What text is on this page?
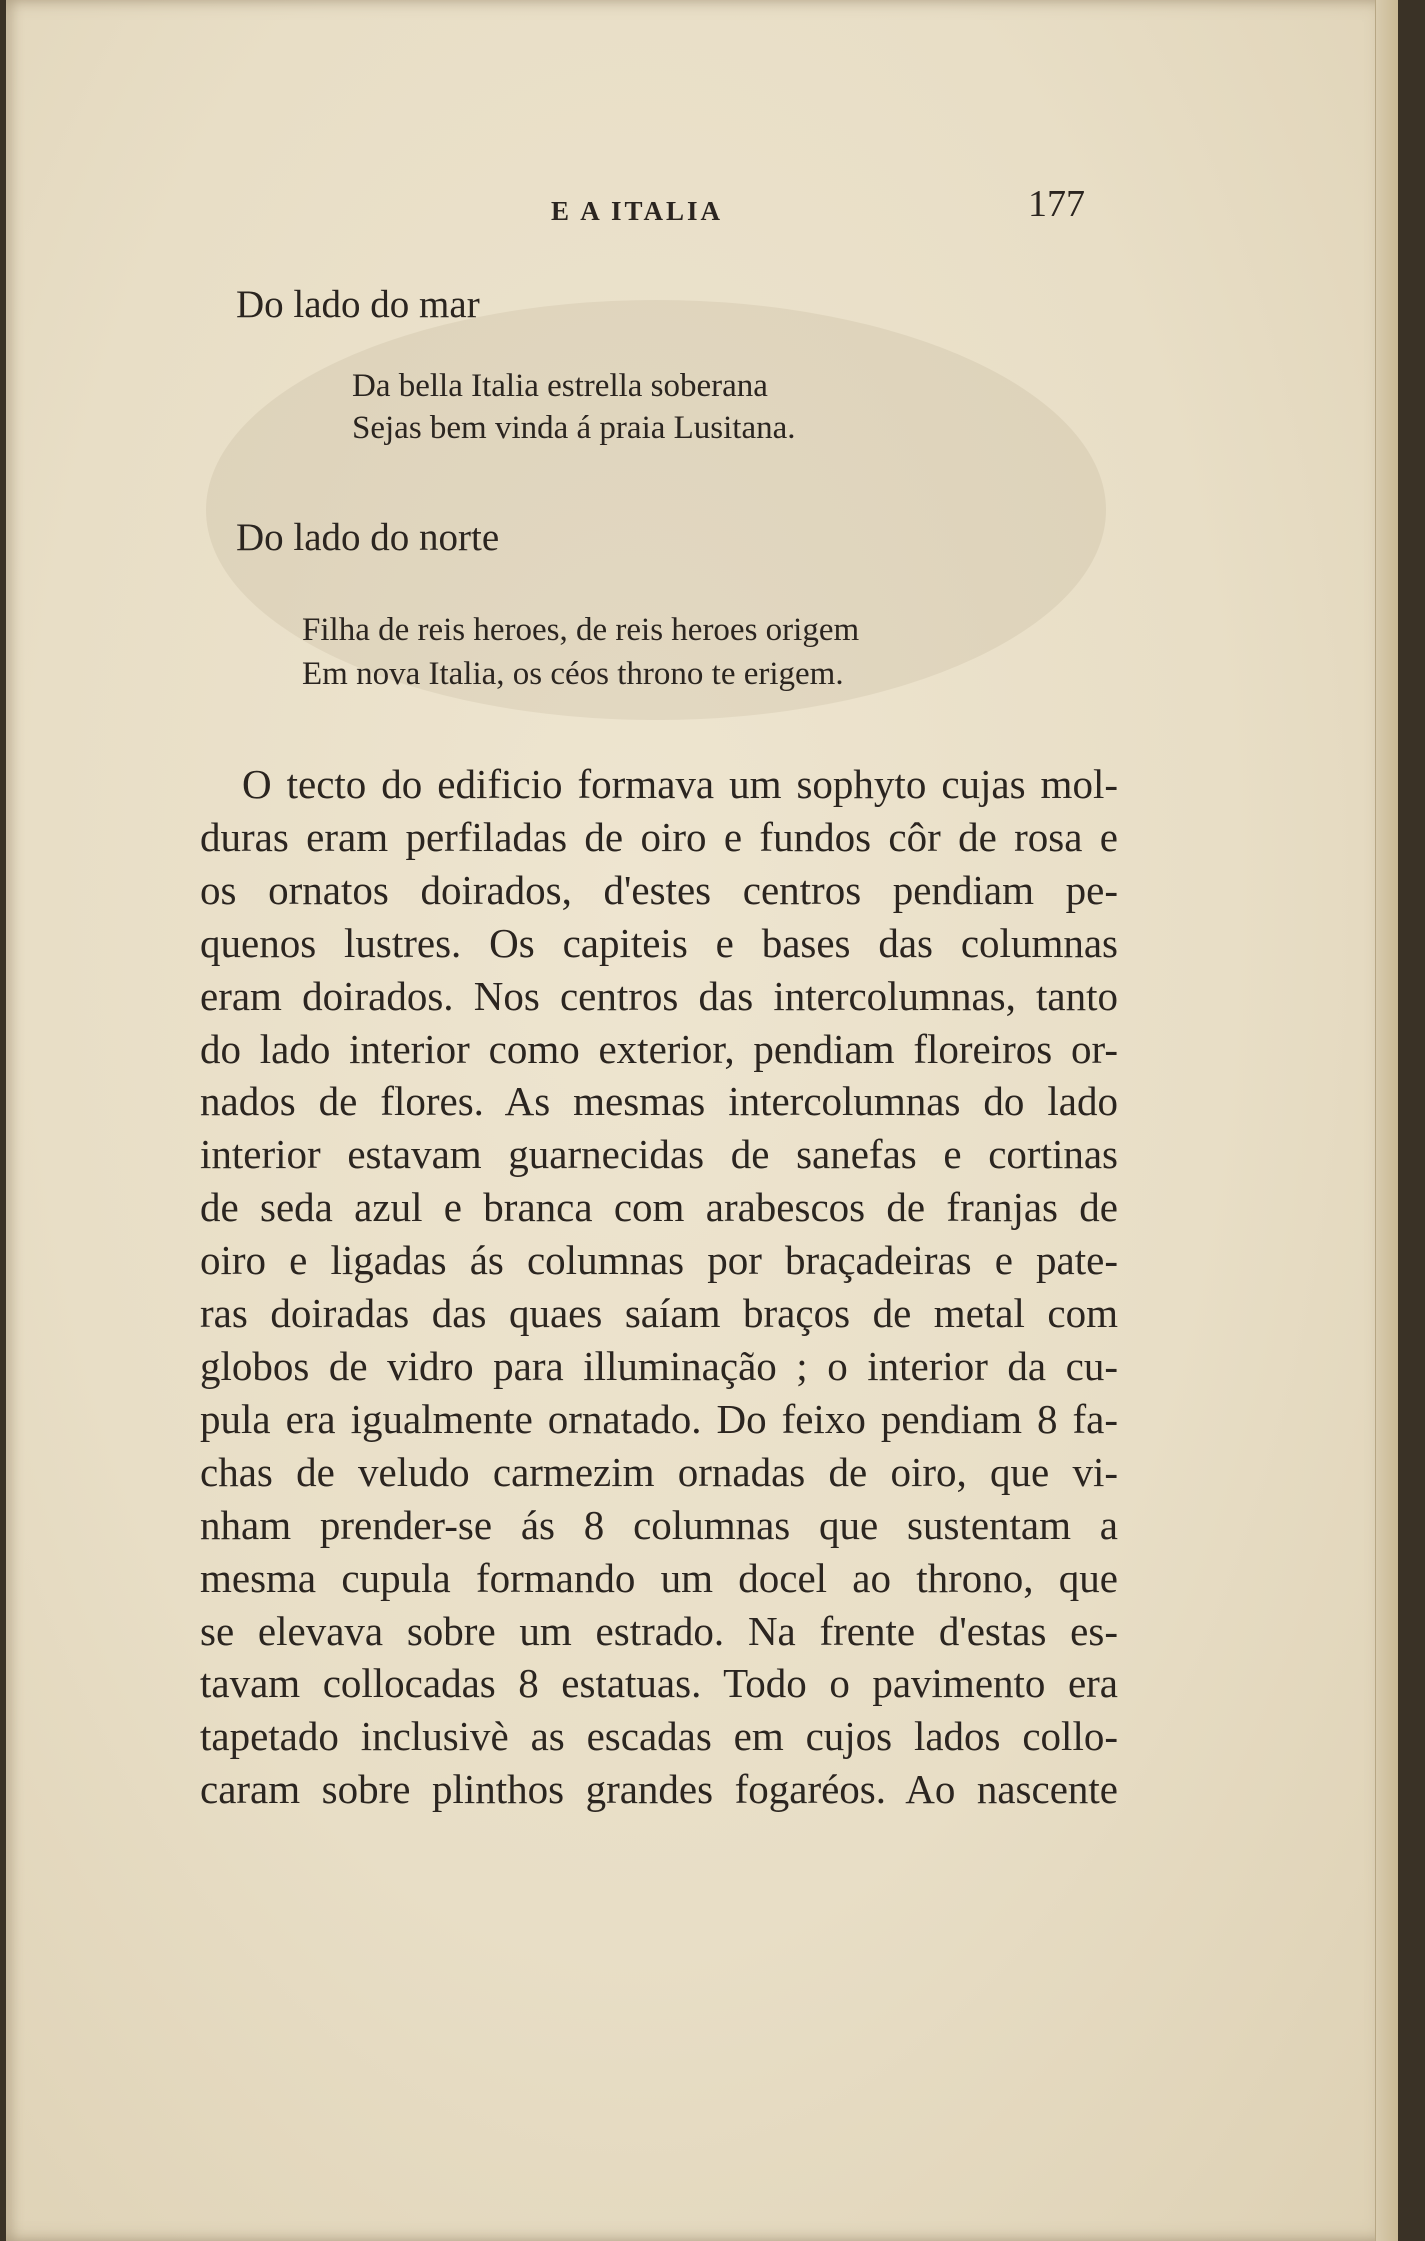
E A ITALIA	177
Do lado do mar
Da bella Italia estrella soberana
Sejas bem vinda á praia Lusitana.
Do lado do norte
Filha de reis heroes, de reis heroes origem
Em nova Italia, os céos throno te erigem.
O tecto do edificio formava um sophyto cujas mol-
duras eram perfiladas de oiro e fundos côr de rosa e
os ornatos doirados, d'estes centros pendiam pe-
quenos lustres. Os capiteis e bases das columnas
eram doirados. Nos centros das intercolumnas, tanto
do lado interior como exterior, pendiam floreiros or-
nados de flores. As mesmas intercolumnas do lado
interior estavam guarnecidas de sanefas e cortinas
de seda azul e branca com arabescos de franjas de
oiro e ligadas ás columnas por braçadeiras e pate-
ras doiradas das quaes saíam braços de metal com
globos de vidro para illuminação ; o interior da cu-
pula era igualmente ornatado. Do feixo pendiam 8 fa-
chas de veludo carmezim ornadas de oiro, que vi-
nham prender-se ás 8 columnas que sustentam a
mesma cupula formando um docel ao throno, que
se elevava sobre um estrado. Na frente d'estas es-
tavam collocadas 8 estatuas. Todo o pavimento era
tapetado inclusivè as escadas em cujos lados collo-
caram sobre plinthos grandes fogaréos. Ao nascente
